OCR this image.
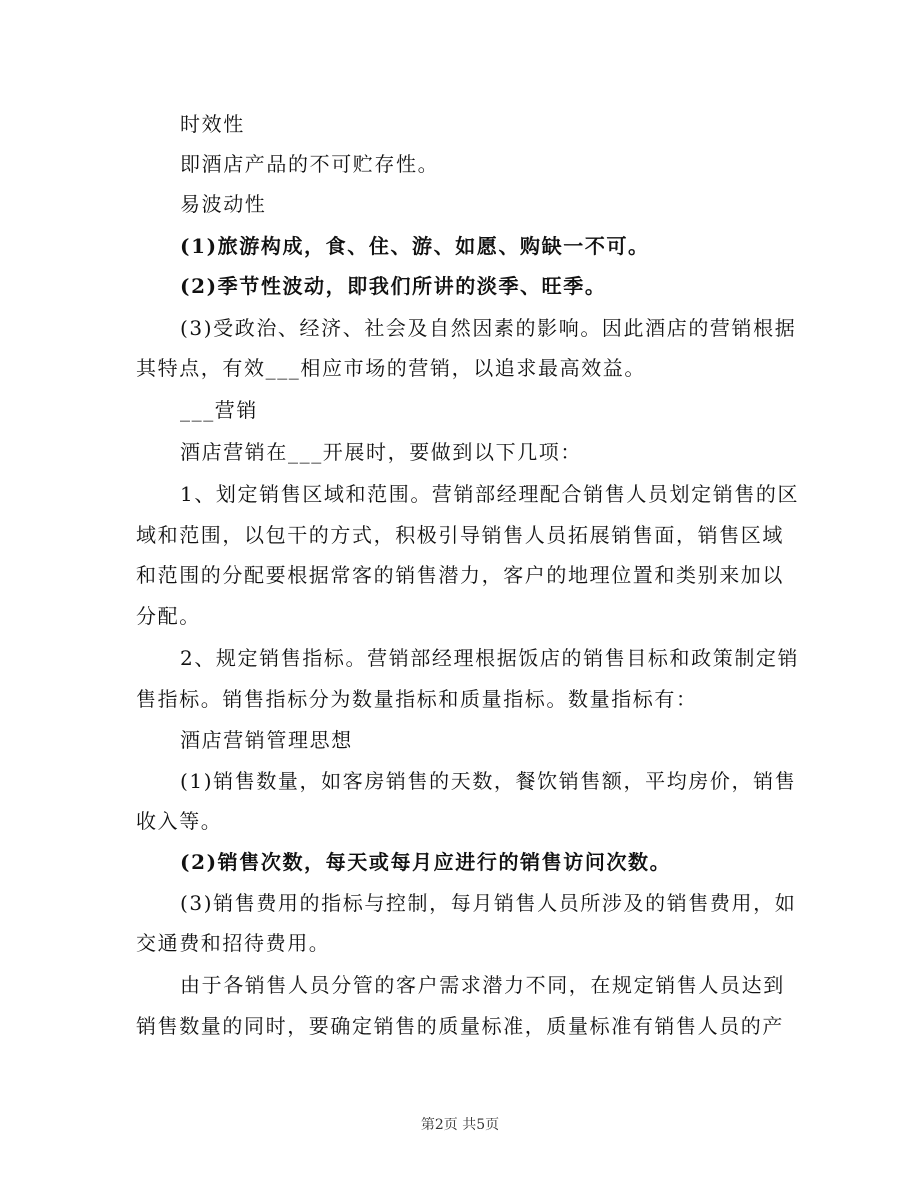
时效性
即酒店产品的不可贮存性。
易波动性
(1)旅游构成，食、住、游、如愿、购缺一不可。
(2)季节性波动，即我们所讲的淡季、旺季。
(3)受政治、经济、社会及自然因素的影响。因此酒店的营销根据
其特点，有效___相应市场的营销，以追求最高效益。
___营销
酒店营销在___开展时，要做到以下几项：
1、划定销售区域和范围。营销部经理配合销售人员划定销售的区
域和范围，以包干的方式，积极引导销售人员拓展销售面，销售区域
和范围的分配要根据常客的销售潜力，客户的地理位置和类别来加以
分配。
2、规定销售指标。营销部经理根据饭店的销售目标和政策制定销
售指标。销售指标分为数量指标和质量指标。数量指标有：
酒店营销管理思想
(1)销售数量，如客房销售的天数，餐饮销售额，平均房价，销售
收入等。
(2)销售次数，每天或每月应进行的销售访问次数。
(3)销售费用的指标与控制，每月销售人员所涉及的销售费用，如
交通费和招待费用。
由于各销售人员分管的客户需求潜力不同，在规定销售人员达到
销售数量的同时，要确定销售的质量标准，质量标准有销售人员的产
第2页 共5页
